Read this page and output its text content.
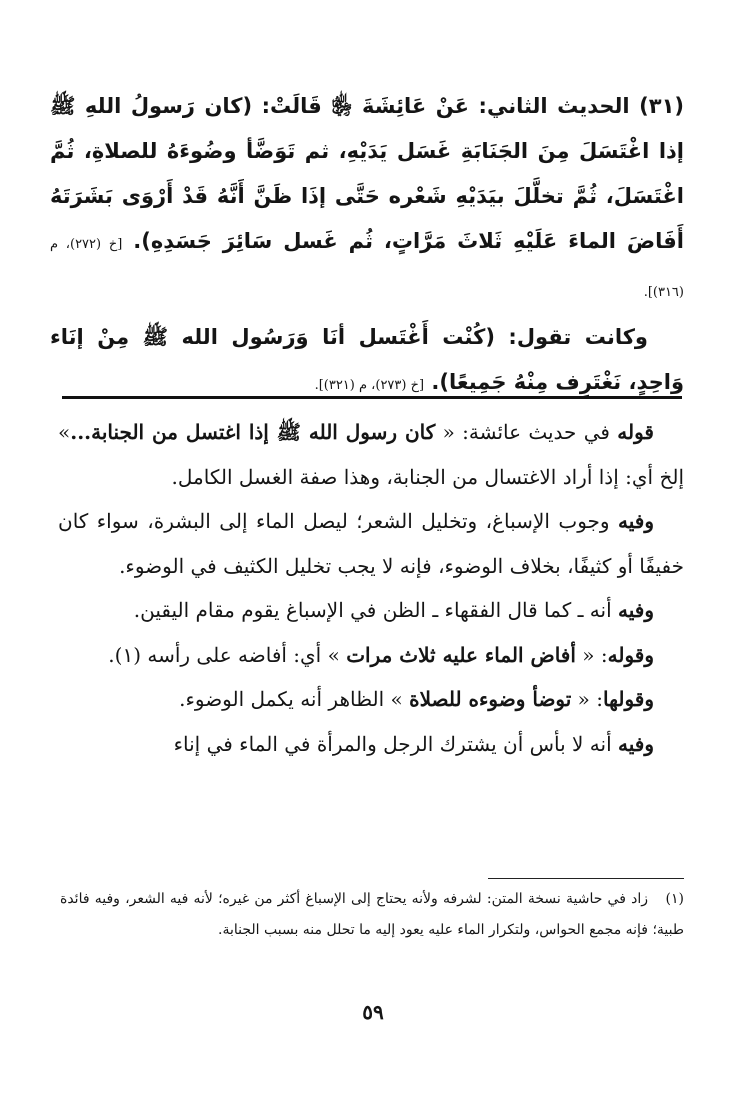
(٣١) الحديث الثاني: عَنْ عَائِشَةَ ﵂ قَالَتْ: (كان رَسولُ اللهِ ﷺ إذا اغْتَسَلَ مِنَ الجَنَابَةِ غَسَل يَدَيْهِ، ثم تَوَضَّأ وضُوءَهُ للصلاةِ، ثُمَّ اغْتَسَلَ، ثُمَّ تخلَّلَ بيَدَيْهِ شَعْره حَتَّى إذَا ظَنَّ أَنَّهُ قَدْ أَرْوَى بَشَرَتَهُ أَفَاضَ الماءَ عَلَيْهِ ثَلاثَ مَرَّاتٍ، ثُم غَسل سَائِرَ جَسَدِهِ). [خ (٢٧٢)، م (٣١٦)].

وكانت تقول: (كُنْت أَغْتَسل أنَا وَرَسُول الله ﷺ مِنْ إنَاء وَاحِدٍ، نَغْتَرِف مِنْهُ جَمِيعًا). [خ (٢٧٣)، م (٣٢١)].

قوله في حديث عائشة: « كان رسول الله ﷺ إذا اغتسل من الجنابة...» إلخ أي: إذا أراد الاغتسال من الجنابة، وهذا صفة الغسل الكامل.

وفيه وجوب الإسباغ، وتخليل الشعر؛ ليصل الماء إلى البشرة، سواء كان خفيفًا أو كثيفًا، بخلاف الوضوء، فإنه لا يجب تخليل الكثيف في الوضوء.

وفيه أنه ـ كما قال الفقهاء ـ الظن في الإسباغ يقوم مقام اليقين.

وقوله: « أفاض الماء عليه ثلاث مرات » أي: أفاضه على رأسه (١).

وقولها: « توضأ وضوءه للصلاة » الظاهر أنه يكمل الوضوء.

وفيه أنه لا بأس أن يشترك الرجل والمرأة في الماء في إناء

(١)زاد في حاشية نسخة المتن: لشرفه ولأنه يحتاج إلى الإسباغ أكثر من غيره؛ لأنه فيه الشعر، وفيه فائدة طبية؛ فإنه مجمع الحواس، ولتكرار الماء عليه يعود إليه ما تحلل منه بسبب الجنابة.
٥٩
